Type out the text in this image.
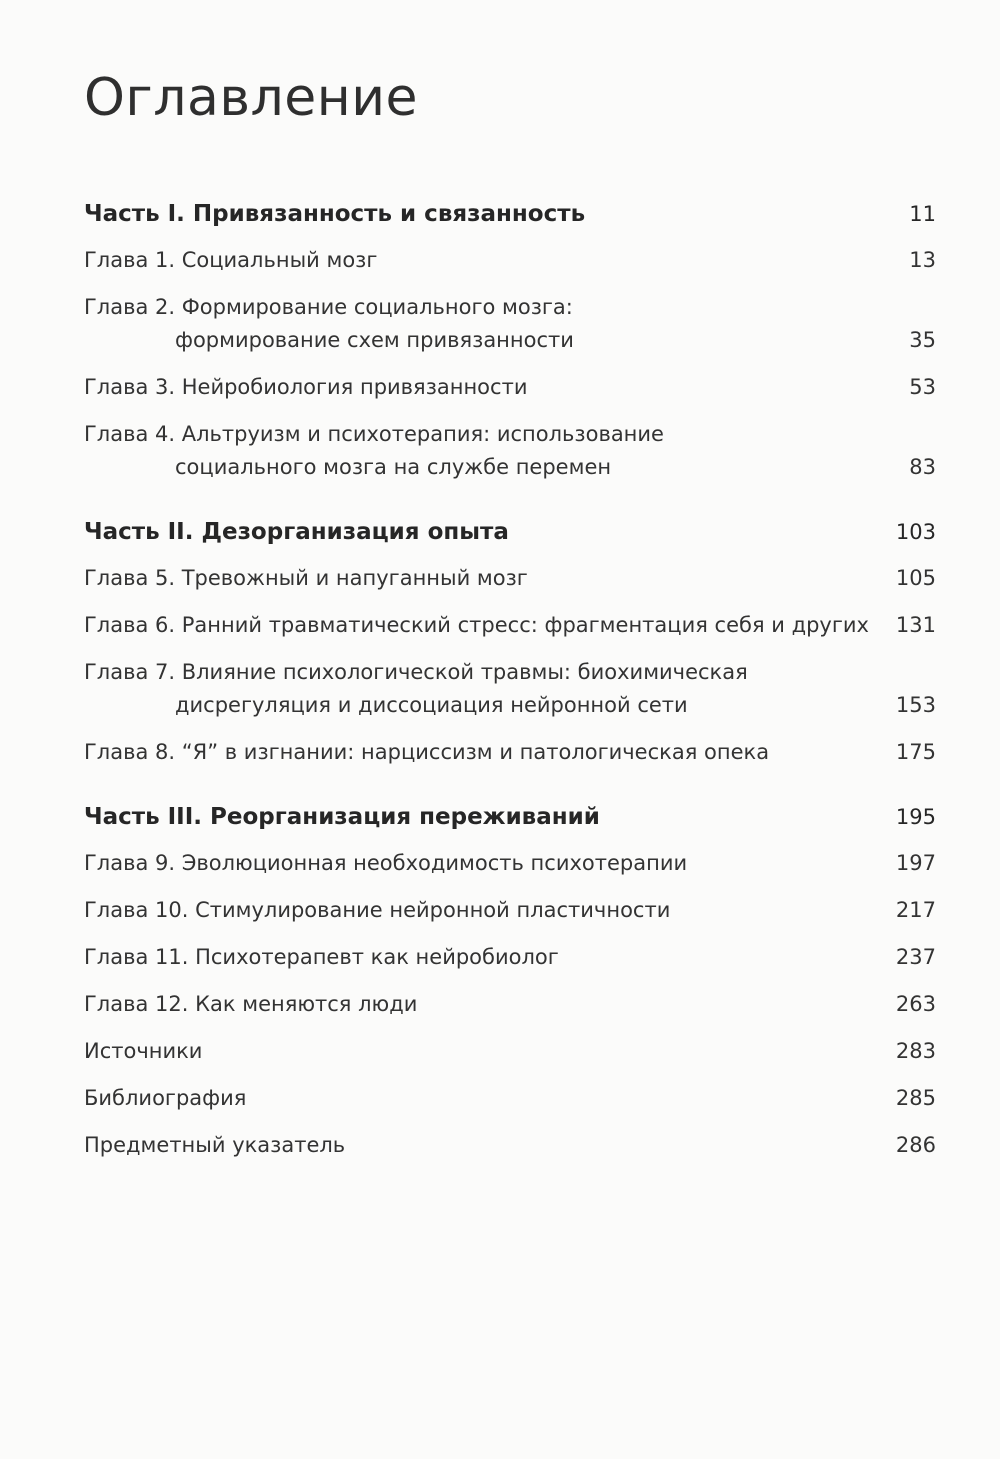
Оглавление
Часть I. Привязанность и связанность	11
Глава 1. Социальный мозг	13
Глава 2. Формирование социального мозга:
формирование схем привязанности	35
Глава 3. Нейробиология привязанности	53
Глава 4. Альтруизм и психотерапия: использование
социального мозга на службе перемен	83
Часть II. Дезорганизация опыта	103
Глава 5. Тревожный и напуганный мозг	105
Глава 6. Ранний травматический стресс: фрагментация себя и других 131
Глава 7. Влияние психологической травмы: биохимическая
дисрегуляция и диссоциация нейронной сети	153
Глава 8. “Я” в изгнании: нарциссизм и патологическая опека	175
Часть III. Реорганизация переживаний	195
Глава 9. Эволюционная необходимость психотерапии	197
Глава 10. Стимулирование нейронной пластичности	217
Глава 11. Психотерапевт как нейробиолог	237
Глава 12. Как меняются люди	263
Источники	283
Библиография	285
Предметный указатель	286
